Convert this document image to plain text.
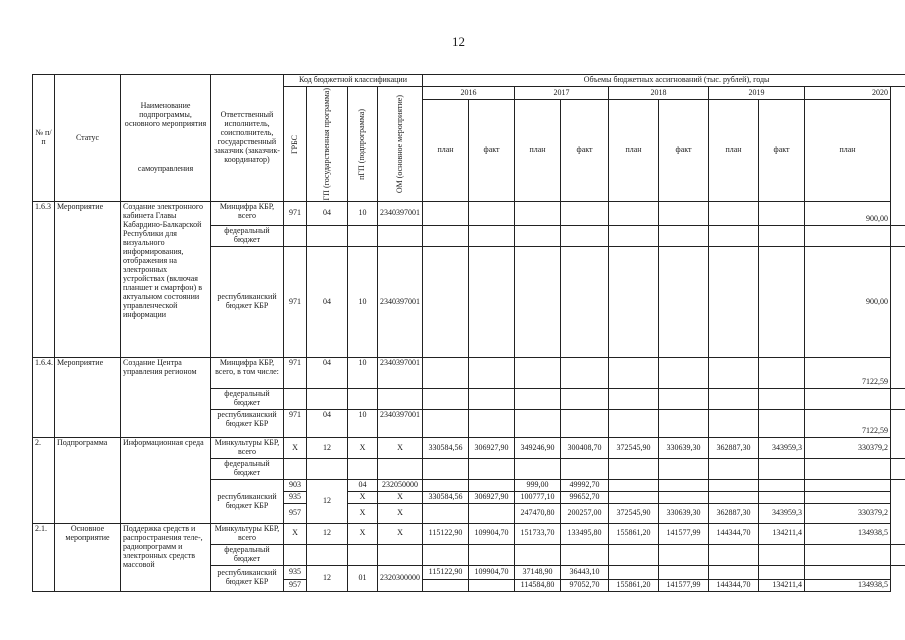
12
№ п/п	Статус	Наименование подпрограммы, основного мероприятия
самоуправления	Ответственный исполнитель, соисполнитель, государственный заказчик (заказчик-координатор)	Код бюджетной классификации				Объемы бюджетных ассигнований (тыс. рублей), годы									

				ГРБС	ГП (государственная программа)	пГП (подпрограмма)	ОМ (основное мероприятие)	2016		2017		2018		2019		2020	
								план	факт	план	факт	план	факт	план	факт	план	
1.6.3	Мероприятие	Создание электронного кабинета Главы Кабардино-Балкарской Республики для визуального информирования, отображения на электронных устройствах (включая планшет и смартфон) в актуальном состоянии управленческой информации	Минцифра КБР, всего	971	04	10	2340397001									900,00	
			федеральный бюджет														
			республиканский бюджет КБР	971	04	10	2340397001									900,00	
1.6.4.	Мероприятие	Создание Центра управления регионом	Минцифра КБР, всего, в том числе:	971	04	10	2340397001									7122,59	
			федеральный бюджет														
			республиканский бюджет КБР	971	04	10	2340397001									7122,59	
2.	Подпрограмма	Информационная среда	Минкультуры КБР, всего	Х	12	Х	Х	330584,56	306927,90	349246,90	300408,70	372545,90	330639,30	362887,30	343959,3	330379,2	
			федеральный бюджет														
			республиканский бюджет КБР	903	12	04	232050000			999,00	49992,70						
				935		Х	Х	330584,56	306927,90	100777,10	99652,70						
				957		Х	Х			247470,80	200257,00	372545,90	330639,30	362887,30	343959,3	330379,2	
2.1.	Основное мероприятие	Поддержка средств и распространения теле-, радиопрограмм и электронных средств массовой	Минкультуры КБР, всего	Х	12	Х	Х	115122,90	109904,70	151733,70	133495,80	155861,20	141577,99	144344,70	134211,4	134938,5	
			федеральный бюджет														
			республиканский бюджет КБР	935	12	01	2320300000	115122,90	109904,70	37148,90	36443,10						
				957						114584,80	97052,70	155861,20	141577,99	144344,70	134211,4	134938,5	
